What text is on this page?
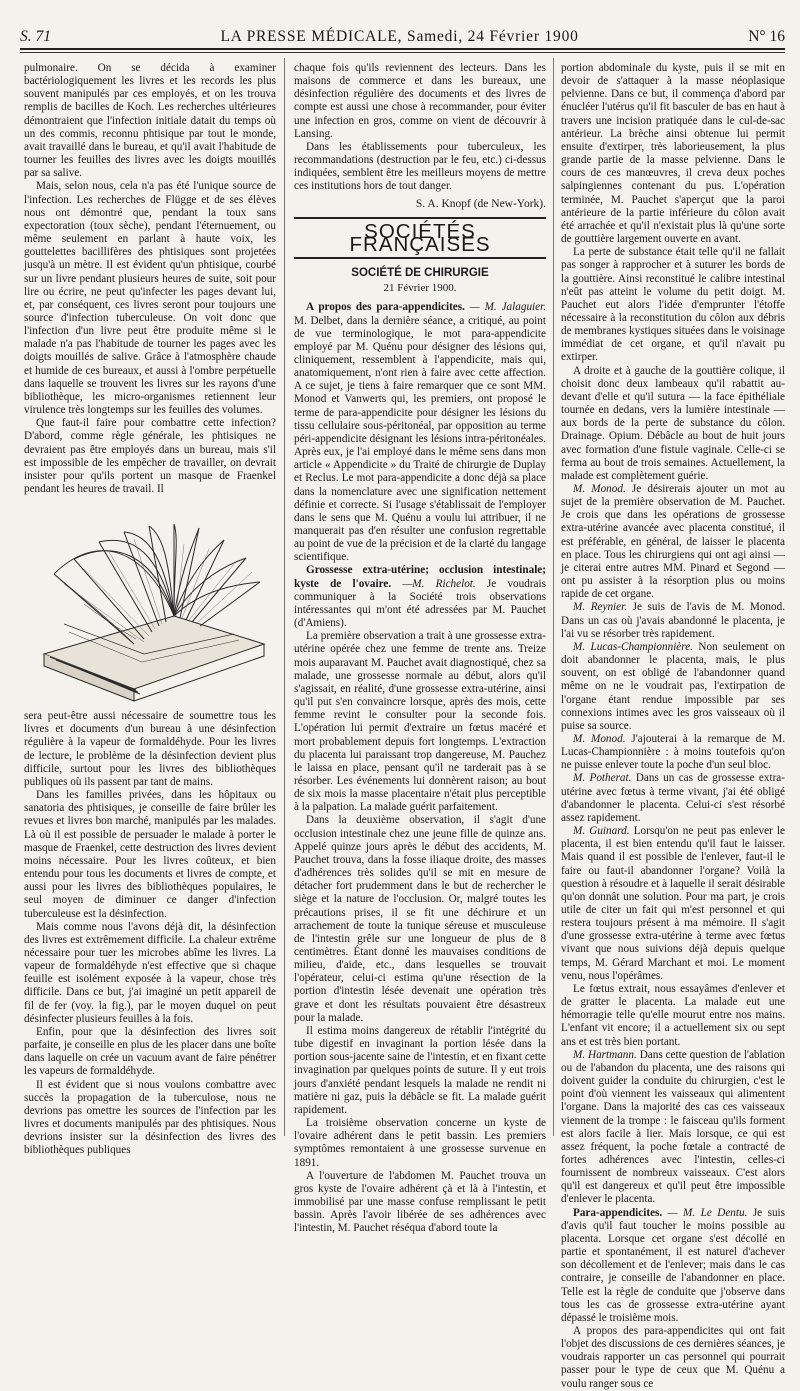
S. 71	LA PRESSE MÉDICALE, Samedi, 24 Février 1900	N° 16

pulmonaire. On se décida à examiner bactériologiquement les livres et les records les plus souvent manipulés par ces employés, et on les trouva remplis de bacilles de Koch. Les recherches ultérieures démontraient que l'infection initiale datait du temps où un des commis, reconnu phtisique par tout le monde, avait travaillé dans le bureau, et qu'il avait l'habitude de tourner les feuilles des livres avec les doigts mouillés par sa salive.

Mais, selon nous, cela n'a pas été l'unique source de l'infection. Les recherches de Flügge et de ses élèves nous ont démontré que, pendant la toux sans expectoration (toux sèche), pendant l'éternuement, ou même seulement en parlant à haute voix, les gouttelettes bacillifères des phtisiques sont projetées jusqu'à un mètre. Il est évident qu'un phtisique, courbé sur un livre pendant plusieurs heures de suite, soit pour lire ou écrire, ne peut qu'infecter les pages devant lui, et, par conséquent, ces livres seront pour toujours une source d'infection tuberculeuse. On voit donc que l'infection d'un livre peut être produite même si le malade n'a pas l'habitude de tourner les pages avec les doigts mouillés de salive. Grâce à l'atmosphère chaude et humide de ces bureaux, et aussi à l'ombre perpétuelle dans laquelle se trouvent les livres sur les rayons d'une bibliothèque, les micro-organismes retiennent leur virulence très longtemps sur les feuilles des volumes.

Que faut-il faire pour combattre cette infection? D'abord, comme règle générale, les phtisiques ne devraient pas être employés dans un bureau, mais s'il est impossible de les empêcher de travailler, on devrait insister pour qu'ils portent un masque de Fraenkel pendant les heures de travail. Il

sera peut-être aussi nécessaire de soumettre tous les livres et documents d'un bureau à une désinfection régulière à la vapeur de formaldéhyde. Pour les livres de lecture, le problème de la désinfection devient plus difficile, surtout pour les livres des bibliothèques publiques où ils passent par tant de mains.

Dans les familles privées, dans les hôpitaux ou sanatoria des phtisiques, je conseille de faire brûler les revues et livres bon marché, manipulés par les malades. Là où il est possible de persuader le malade à porter le masque de Fraenkel, cette destruction des livres devient moins nécessaire. Pour les livres coûteux, et bien entendu pour tous les documents et livres de compte, et aussi pour les livres des bibliothèques populaires, le seul moyen de diminuer ce danger d'infection tuberculeuse est la désinfection.

Mais comme nous l'avons déjà dit, la désinfection des livres est extrêmement difficile. La chaleur extrême nécessaire pour tuer les microbes abîme les livres. La vapeur de formaldéhyde n'est effective que si chaque feuille est isolément exposée à la vapeur, chose très difficile. Dans ce but, j'ai imaginé un petit appareil de fil de fer (voy. la fig.), par le moyen duquel on peut désinfecter plusieurs feuilles à la fois.

Enfin, pour que la désinfection des livres soit parfaite, je conseille en plus de les placer dans une boîte dans laquelle on crée un vacuum avant de faire pénétrer les vapeurs de formaldéhyde.

Il est évident que si nous voulons combattre avec succès la propagation de la tuberculose, nous ne devrions pas omettre les sources de l'infection par les livres et documents manipulés par des phtisiques. Nous devrions insister sur la désinfection des livres des bibliothèques publiques

chaque fois qu'ils reviennent des lecteurs. Dans les maisons de commerce et dans les bureaux, une désinfection régulière des documents et des livres de compte est aussi une chose à recommander, pour éviter une infection en gros, comme on vient de découvrir à Lansing.

Dans les établissements pour tuberculeux, les recommandations (destruction par le feu, etc.) ci-dessus indiquées, semblent être les meilleurs moyens de mettre ces institutions hors de tout danger.

S. A. Knopf (de New-York).
SOCIÉTÉS FRANÇAISES
SOCIÉTÉ DE CHIRURGIE
21 Février 1900.

A propos des para-appendicites. — M. Jalaguier. M. Delbet, dans la dernière séance, a critiqué, au point de vue terminologique, le mot para-appendicite employé par M. Quénu pour désigner des lésions qui, cliniquement, ressemblent à l'appendicite, mais qui, anatomiquement, n'ont rien à faire avec cette affection. A ce sujet, je tiens à faire remarquer que ce sont MM. Monod et Vanwerts qui, les premiers, ont proposé le terme de para-appendicite pour désigner les lésions du tissu cellulaire sous-péritonéal, par opposition au terme péri-appendicite désignant les lésions intra-péritonéales. Après eux, je l'ai employé dans le même sens dans mon article « Appendicite » du Traité de chirurgie de Duplay et Reclus. Le mot para-appendicite a donc déjà sa place dans la nomenclature avec une signification nettement définie et correcte. Si l'usage s'établissait de l'employer dans le sens que M. Quénu a voulu lui attribuer, il ne manquerait pas d'en résulter une confusion regrettable au point de vue de la précision et de la clarté du langage scientifique.

Grossesse extra-utérine; occlusion intestinale; kyste de l'ovaire. —M. Richelot. Je voudrais communiquer à la Société trois observations intéressantes qui m'ont été adressées par M. Pauchet (d'Amiens).

La première observation a trait à une grossesse extra-utérine opérée chez une femme de trente ans. Treize mois auparavant M. Pauchet avait diagnostiqué, chez sa malade, une grossesse normale au début, alors qu'il s'agissait, en réalité, d'une grossesse extra-utérine, ainsi qu'il put s'en convaincre lorsque, après des mois, cette femme revint le consulter pour la seconde fois. L'opération lui permit d'extraire un fœtus macéré et mort probablement depuis fort longtemps. L'extraction du placenta lui paraissant trop dangereuse, M. Pauchez le laissa en place, pensant qu'il ne tarderait pas à se résorber. Les événements lui donnèrent raison; au bout de six mois la masse placentaire n'était plus perceptible à la palpation. La malade guérit parfaitement.

Dans la deuxième observation, il s'agit d'une occlusion intestinale chez une jeune fille de quinze ans. Appelé quinze jours après le début des accidents, M. Pauchet trouva, dans la fosse iliaque droite, des masses d'adhérences très solides qu'il se mit en mesure de détacher fort prudemment dans le but de rechercher le siège et la nature de l'occlusion. Or, malgré toutes les précautions prises, il se fit une déchirure et un arrachement de toute la tunique séreuse et musculeuse de l'intestin grêle sur une longueur de plus de 8 centimètres. Étant donné les mauvaises conditions de milieu, d'aide, etc., dans lesquelles se trouvait l'opérateur, celui-ci estima qu'une résection de la portion d'intestin lésée devenait une opération très grave et dont les résultats pouvaient être désastreux pour la malade.

Il estima moins dangereux de rétablir l'intégrité du tube digestif en invaginant la portion lésée dans la portion sous-jacente saine de l'intestin, et en fixant cette invagination par quelques points de suture. Il y eut trois jours d'anxiété pendant lesquels la malade ne rendit ni matière ni gaz, puis la débâcle se fit. La malade guérit rapidement.

La troisième observation concerne un kyste de l'ovaire adhérent dans le petit bassin. Les premiers symptômes remontaient à une grossesse survenue en 1891.

A l'ouverture de l'abdomen M. Pauchet trouva un gros kyste de l'ovaire adhérent çà et là à l'intestin, et immobilisé par une masse confuse remplissant le petit bassin. Après l'avoir libérée de ses adhérences avec l'intestin, M. Pauchet réséqua d'abord toute la

portion abdominale du kyste, puis il se mit en devoir de s'attaquer à la masse néoplasique pelvienne. Dans ce but, il commença d'abord par énucléer l'utérus qu'il fit basculer de bas en haut à travers une incision pratiquée dans le cul-de-sac antérieur. La brèche ainsi obtenue lui permit ensuite d'extirper, très laborieusement, la plus grande partie de la masse pelvienne. Dans le cours de ces manœuvres, il creva deux poches salpingiennes contenant du pus. L'opération terminée, M. Pauchet s'aperçut que la paroi antérieure de la partie inférieure du côlon avait été arrachée et qu'il n'existait plus là qu'une sorte de gouttière largement ouverte en avant.

La perte de substance était telle qu'il ne fallait pas songer à rapprocher et à suturer les bords de la gouttière. Ainsi reconstitué le calibre intestinal n'eût pas atteint le volume du petit doigt. M. Pauchet eut alors l'idée d'emprunter l'étoffe nécessaire à la reconstitution du côlon aux débris de membranes kystiques situées dans le voisinage immédiat de cet organe, et qu'il n'avait pu extirper.

A droite et à gauche de la gouttière colique, il choisit donc deux lambeaux qu'il rabattit au-devant d'elle et qu'il sutura — la face épithéliale tournée en dedans, vers la lumière intestinale — aux bords de la perte de substance du côlon. Drainage. Opium. Débâcle au bout de huit jours avec formation d'une fistule vaginale. Celle-ci se ferma au bout de trois semaines. Actuellement, la malade est complètement guérie.

M. Monod. Je désirerais ajouter un mot au sujet de la première observation de M. Pauchet. Je crois que dans les opérations de grossesse extra-utérine avancée avec placenta constitué, il est préférable, en général, de laisser le placenta en place. Tous les chirurgiens qui ont agi ainsi — je citerai entre autres MM. Pinard et Segond — ont pu assister à la résorption plus ou moins rapide de cet organe.

M. Reynier. Je suis de l'avis de M. Monod. Dans un cas où j'avais abandonné le placenta, je l'ai vu se résorber très rapidement.

M. Lucas-Championnière. Non seulement on doit abandonner le placenta, mais, le plus souvent, on est obligé de l'abandonner quand même on ne le voudrait pas, l'extirpation de l'organe étant rendue impossible par ses connexions intimes avec les gros vaisseaux où il puise sa source.

M. Monod. J'ajouterai à la remarque de M. Lucas-Championnière : à moins toutefois qu'on ne puisse enlever toute la poche d'un seul bloc.

M. Potherat. Dans un cas de grossesse extra-utérine avec fœtus à terme vivant, j'ai été obligé d'abandonner le placenta. Celui-ci s'est résorbé assez rapidement.

M. Guinard. Lorsqu'on ne peut pas enlever le placenta, il est bien entendu qu'il faut le laisser. Mais quand il est possible de l'enlever, faut-il le faire ou faut-il abandonner l'organe? Voilà la question à résoudre et à laquelle il serait désirable qu'on donnât une solution. Pour ma part, je crois utile de citer un fait qui m'est personnel et qui restera toujours présent à ma mémoire. Il s'agit d'une grossesse extra-utérine à terme avec fœtus vivant que nous suivions déjà depuis quelque temps, M. Gérard Marchant et moi. Le moment venu, nous l'opérâmes.

Le fœtus extrait, nous essayâmes d'enlever et de gratter le placenta. La malade eut une hémorragie telle qu'elle mourut entre nos mains. L'enfant vit encore; il a actuellement six ou sept ans et est très bien portant.

M. Hartmann. Dans cette question de l'ablation ou de l'abandon du placenta, une des raisons qui doivent guider la conduite du chirurgien, c'est le point d'où viennent les vaisseaux qui alimentent l'organe. Dans la majorité des cas ces vaisseaux viennent de la trompe : le faisceau qu'ils forment est alors facile à lier. Mais lorsque, ce qui est assez fréquent, la poche fœtale a contracté de fortes adhérences avec l'intestin, celles-ci fournissent de nombreux vaisseaux. C'est alors qu'il est dangereux et qu'il peut être impossible d'enlever le placenta.

Para-appendicites. — M. Le Dentu. Je suis d'avis qu'il faut toucher le moins possible au placenta. Lorsque cet organe s'est décollé en partie et spontanément, il est naturel d'achever son décollement et de l'enlever; mais dans le cas contraire, je conseille de l'abandonner en place. Telle est la règle de conduite que j'observe dans tous les cas de grossesse extra-utérine ayant dépassé le troisième mois.

A propos des para-appendicites qui ont fait l'objet des discussions de ces dernières séances, je voudrais rapporter un cas personnel qui pourrait passer pour le type de ceux que M. Quénu a voulu ranger sous ce
